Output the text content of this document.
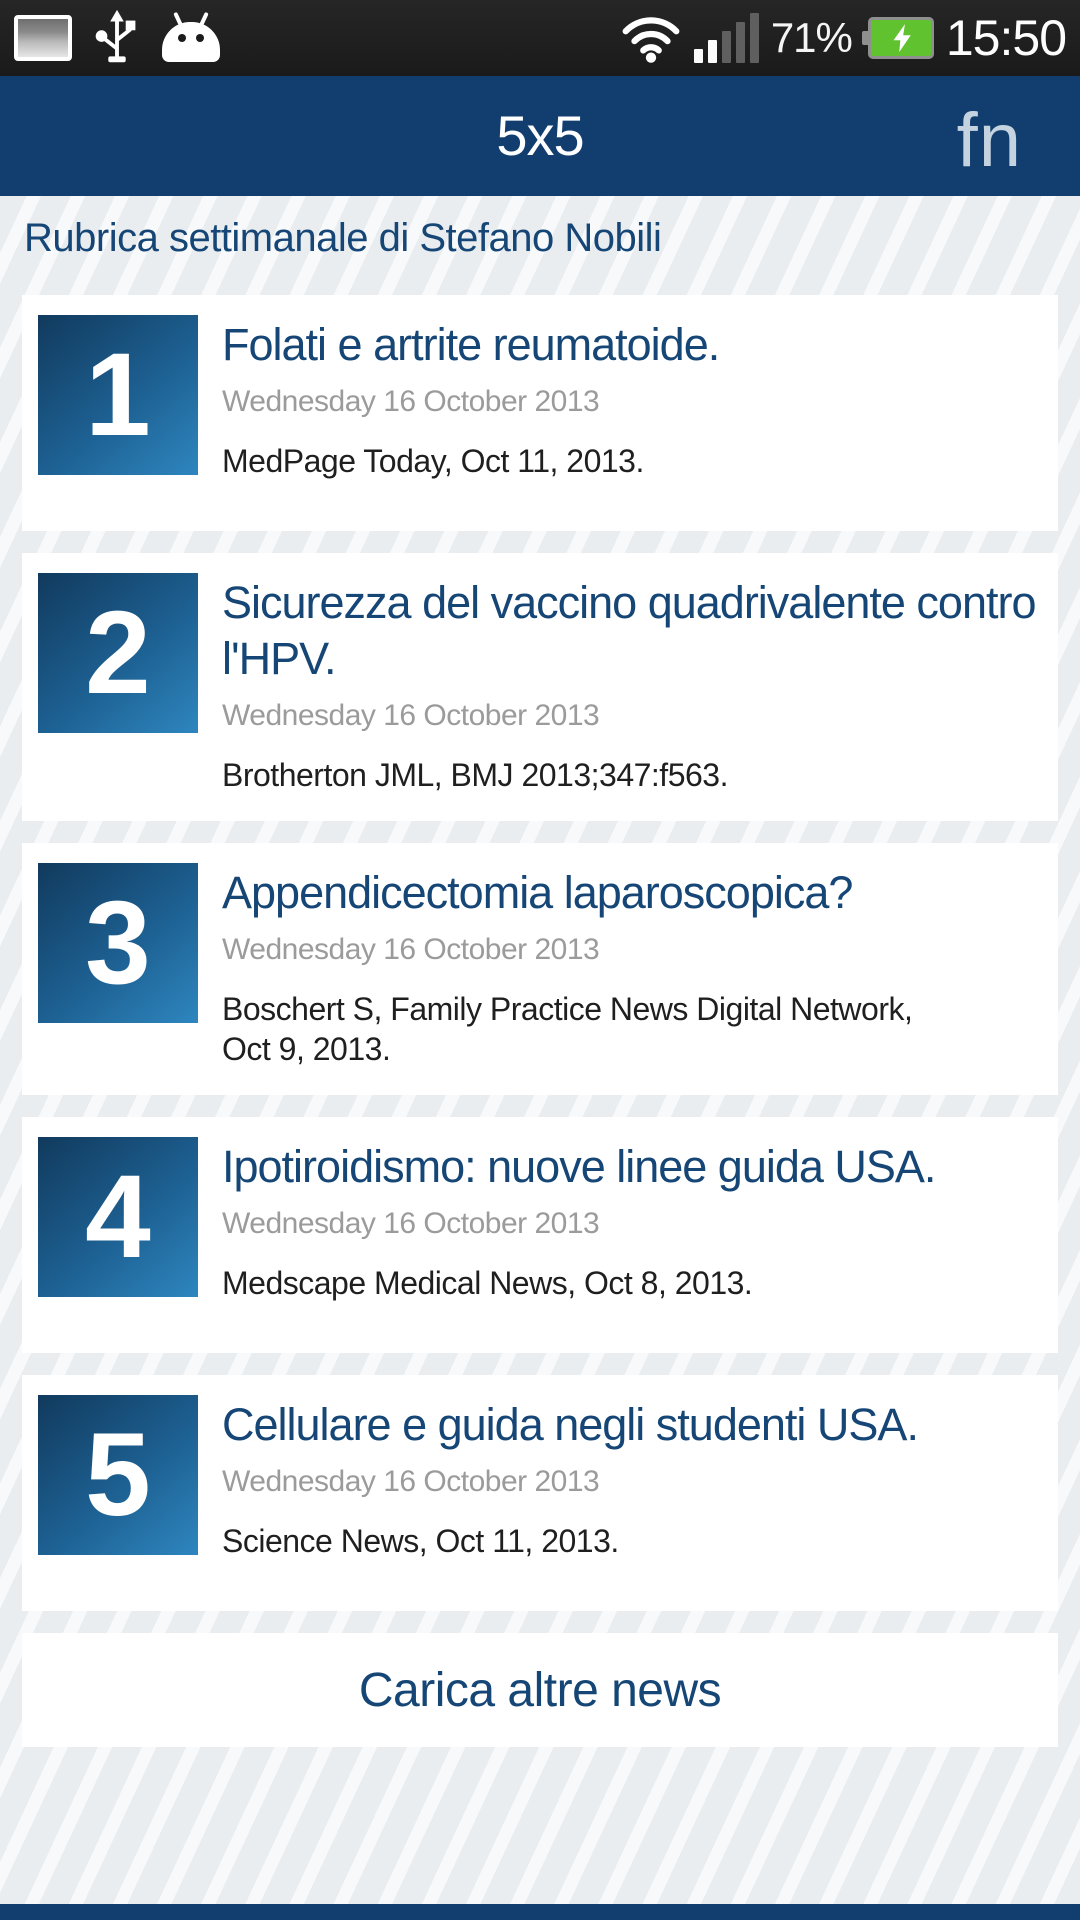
71% 15:50
5x5	fn
Rubrica settimanale di Stefano Nobili
1	Folati e artrite reumatoide.
Wednesday 16 October 2013
MedPage Today, Oct 11, 2013.
2	Sicurezza del vaccino quadrivalente contro
l'HPV.
Wednesday 16 October 2013
Brotherton JML, BMJ 2013;347:f563.
3	Appendicectomia laparoscopica?
Wednesday 16 October 2013
Boschert S, Family Practice News Digital Network,
Oct 9, 2013.
4	Ipotiroidismo: nuove linee guida USA.
Wednesday 16 October 2013
Medscape Medical News, Oct 8, 2013.
5	Cellulare e guida negli studenti USA.
Wednesday 16 October 2013
Science News, Oct 11, 2013.
Carica altre news
